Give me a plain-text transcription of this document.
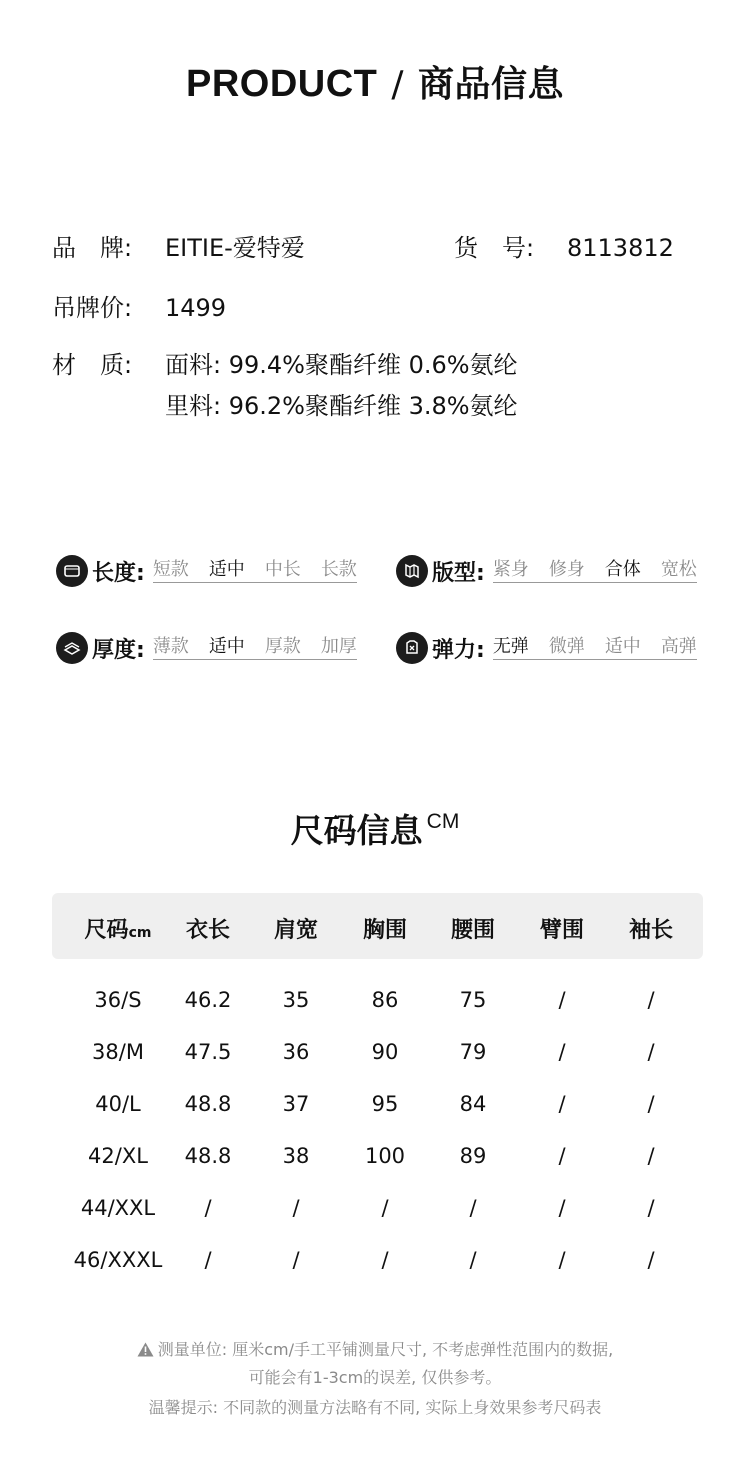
PRODUCT / 商品信息
品　牌: EITIE-爱特爱	货　号: 8113812
吊牌价: 1499
材　质: 面料: 99.4%聚酯纤维 0.6%氨纶
里料: 96.2%聚酯纤维 3.8%氨纶
长度: 短款 适中 中长 长款	版型: 紧身 修身 合体 宽松
厚度: 薄款 适中 厚款 加厚	弹力: 无弹 微弹 适中 高弹
尺码信息 $^{CM}$
尺码cm	衣长	肩宽	胸围	腰围	臂围	袖长
36/S	46.2	35	86	75	/	/
38/M	47.5	36	90	79	/	/
40/L	48.8	37	95	84	/	/
42/XL	48.8	38	100	89	/	/
44/XXL	/	/	/	/	/	/
46/XXXL	/	/	/	/	/	/
测量单位: 厘米cm/手工平铺测量尺寸, 不考虑弹性范围内的数据,
可能会有1-3cm的误差, 仅供参考。
温馨提示: 不同款的测量方法略有不同, 实际上身效果参考尺码表
